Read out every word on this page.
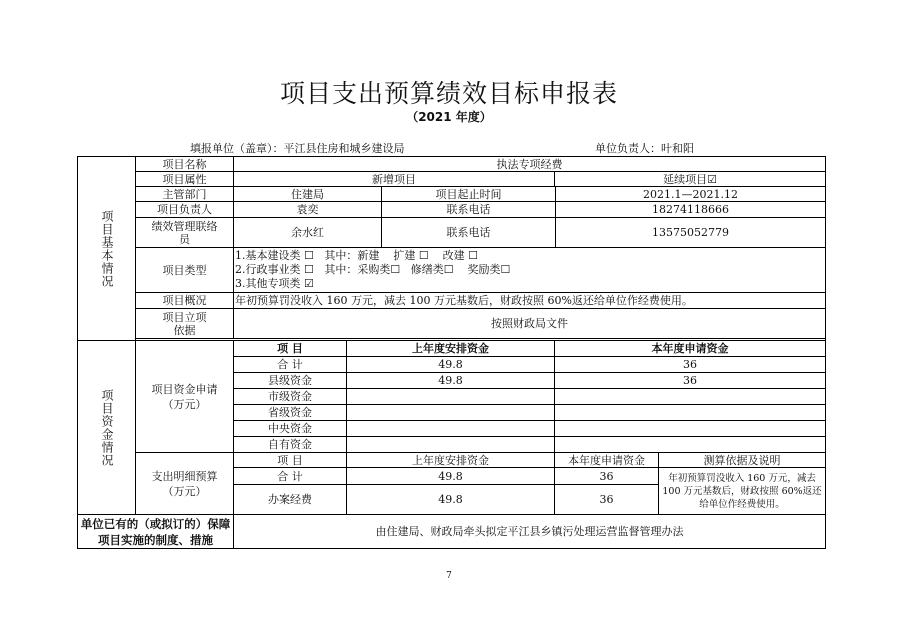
项目支出预算绩效目标申报表
（2021 年度）
填报单位（盖章）：平江县住房和城乡建设局	单位负责人：叶和阳
项目基本情况	项目名称	执法专项经费				
	项目属性	新增项目			延续项目☑	
	主管部门	住建局		项目起止时间	2021.1—2021.12	
	项目负责人	袁奕		联系电话	18274118666	

	绩效管理联络员	余水红		联系电话	13575052779	
	项目类型	1.基本建设类 ☐   其中：新建    扩建 ☐    改建 ☐
2.行政事业类 ☐   其中：采购类☐   修缮类☐    奖励类☐
3.其他专项类 ☑				

	项目概况	年初预算罚没收入 160 万元，减去 100 万元基数后，财政按照 60%返还给单位作经费使用。				

	项目立项依据	按照财政局文件				

项目资金情况	项目资金申请（万元）	项 目	上年度安排资金		本年度申请资金	
		合 计	49.8		36	
		县级资金	49.8		36	
		市级资金				
		省级资金				
		中央资金				
		自有资金				

	支出明细预算（万元）	项 目	上年度安排资金		本年度申请资金	测算依据及说明
		合 计	49.8		36	年初预算罚没收入 160 万元，减去 100 万元基数后，财政按照 60%返还给单位作经费使用。
		办案经费	49.8		36	
单位已有的（或拟订的）保障项目实施的制度、措施		由住建局、财政局牵头拟定平江县乡镇污处理运营监督管理办法				
7
